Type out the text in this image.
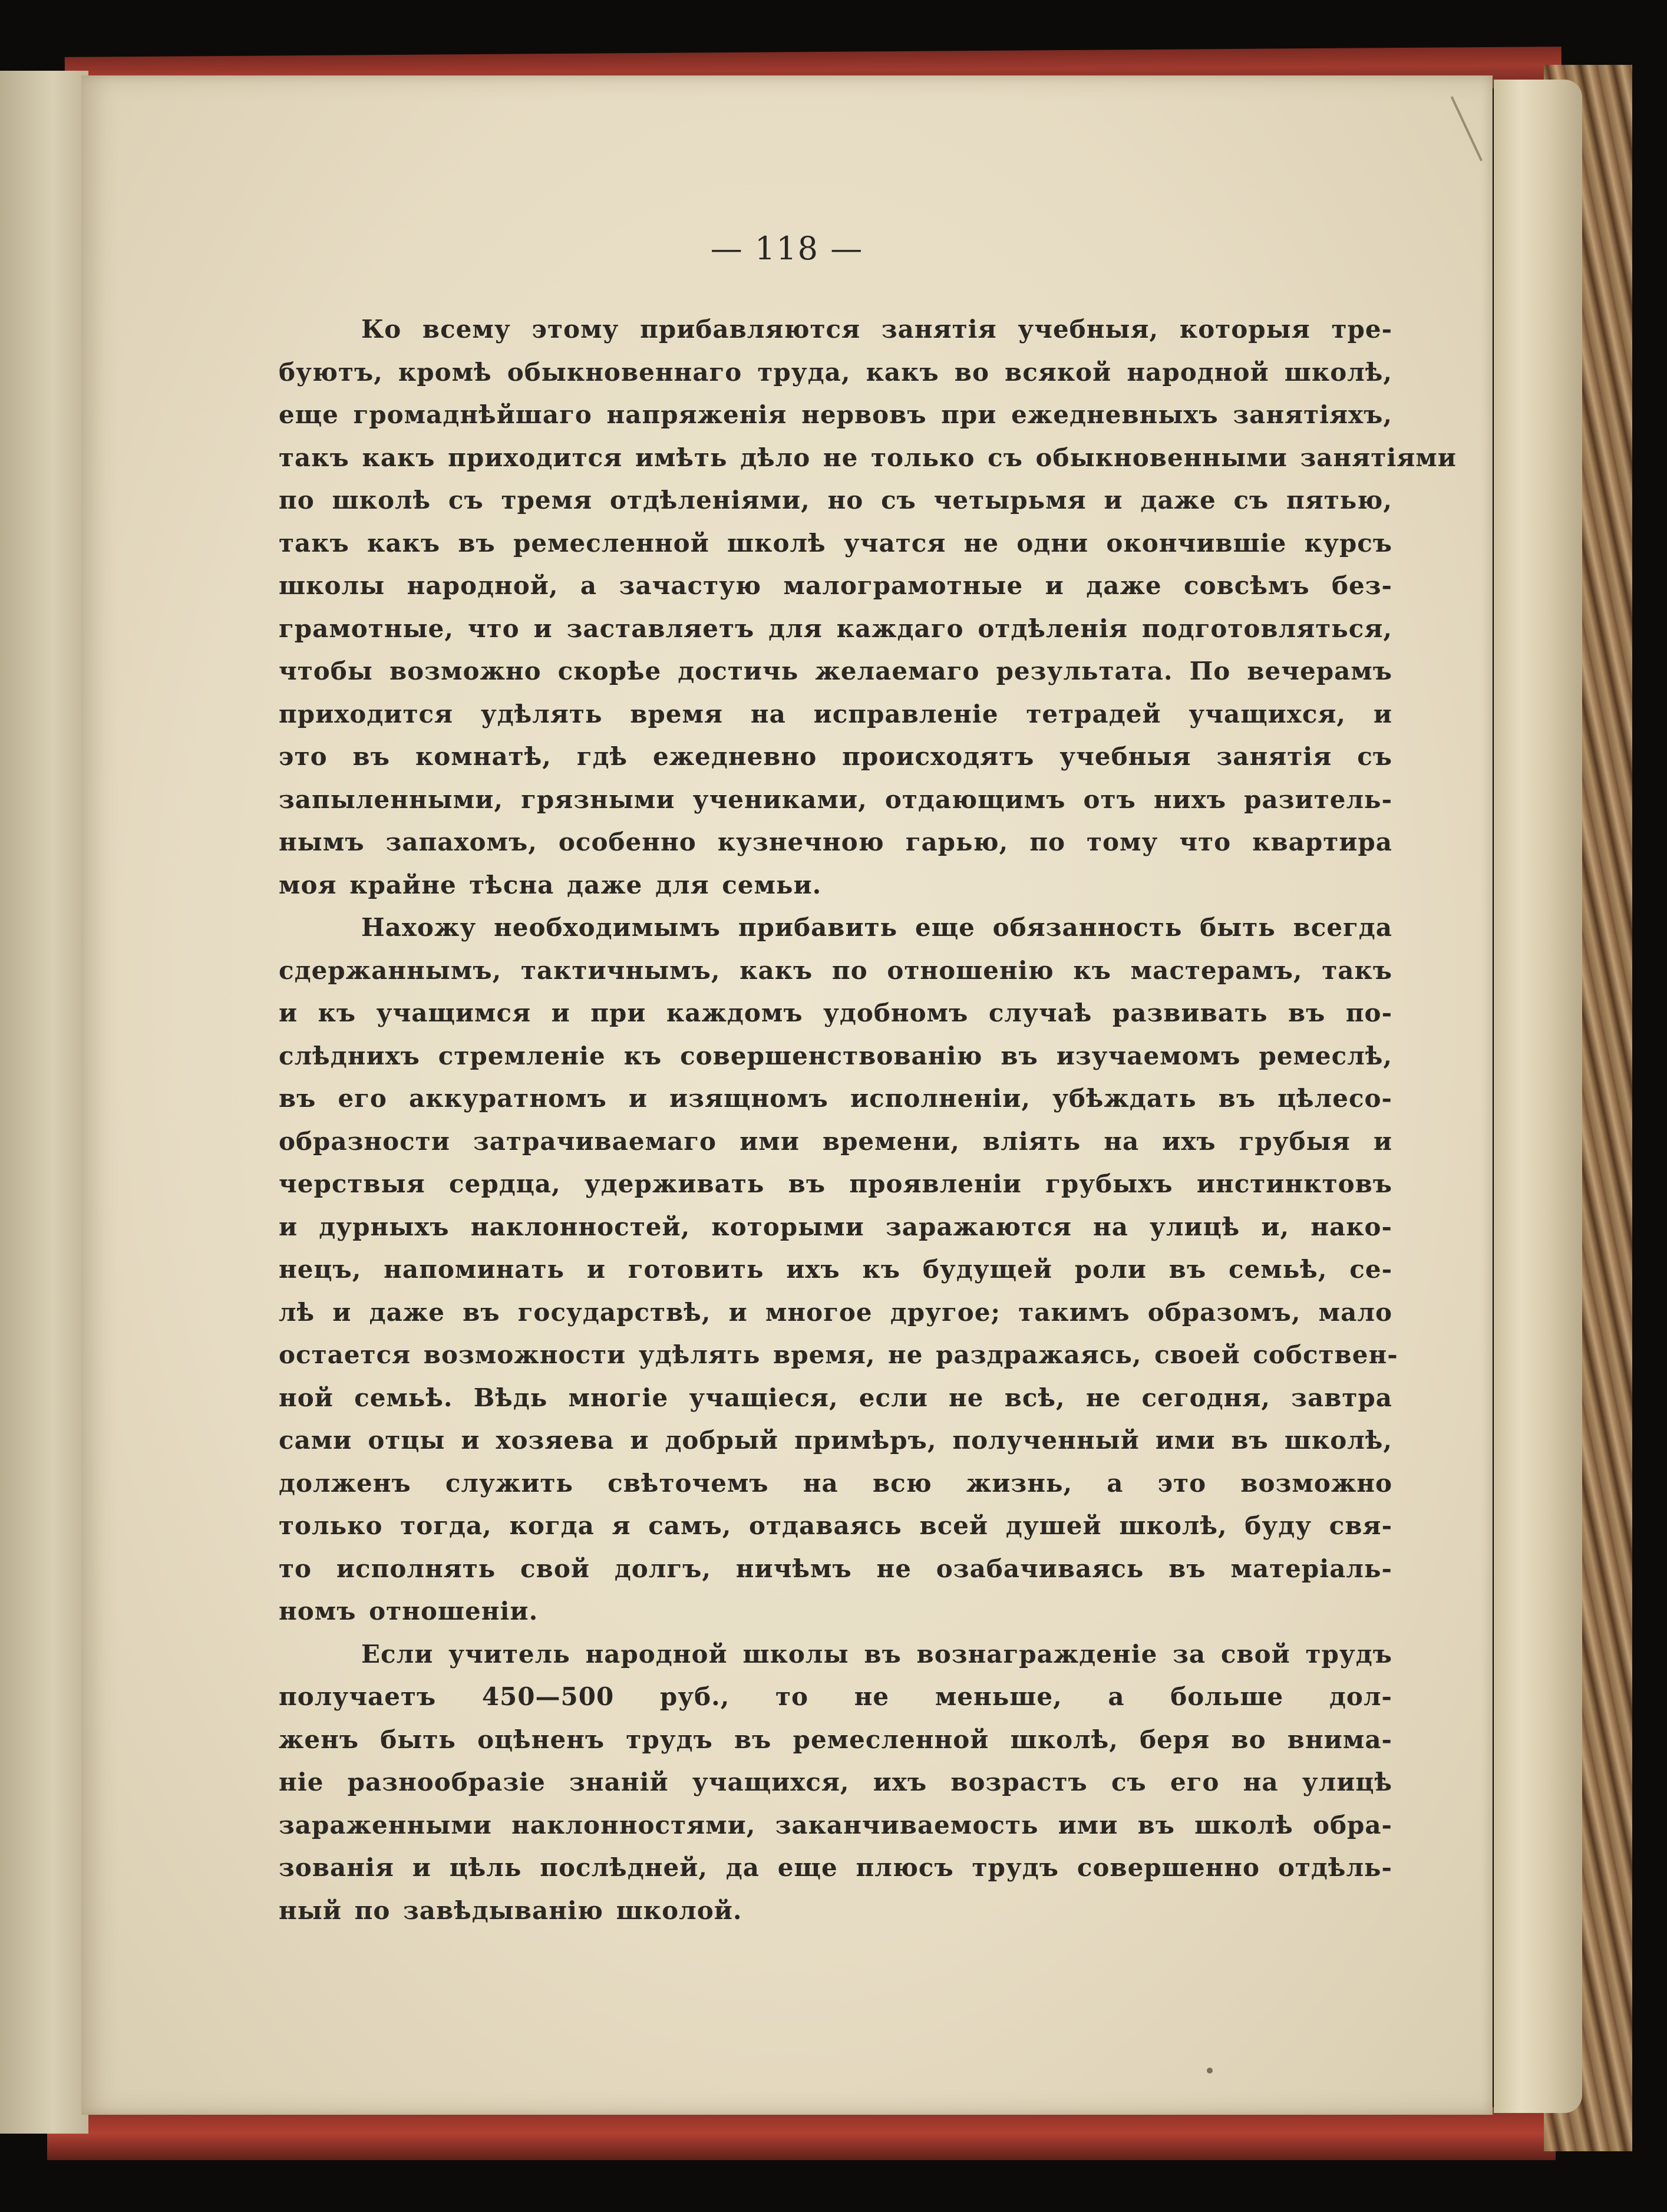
— 118 —
Ко всему этому прибавляются занятія учебныя, которыя тре-
буютъ, кромѣ обыкновеннаго труда, какъ во всякой народной школѣ,
еще громаднѣйшаго напряженія нервовъ при ежедневныхъ занятіяхъ,
такъ какъ приходится имѣть дѣло не только съ обыкновенными занятіями
по школѣ съ тремя отдѣленіями, но съ четырьмя и даже съ пятью,
такъ какъ въ ремесленной школѣ учатся не одни окончившіе курсъ
школы народной, а зачастую малограмотные и даже совсѣмъ без-
грамотные, что и заставляетъ для каждаго отдѣленія подготовляться,
чтобы возможно скорѣе достичь желаемаго результата. По вечерамъ
приходится удѣлять время на исправленіе тетрадей учащихся, и
это въ комнатѣ, гдѣ ежедневно происходятъ учебныя занятія съ
запыленными, грязными учениками, отдающимъ отъ нихъ разитель-
нымъ запахомъ, особенно кузнечною гарью, по тому что квартира
моя крайне тѣсна даже для семьи.
Нахожу необходимымъ прибавить еще обязанность быть всегда
сдержаннымъ, тактичнымъ, какъ по отношенію къ мастерамъ, такъ
и къ учащимся и при каждомъ удобномъ случаѣ развивать въ по-
слѣднихъ стремленіе къ совершенствованію въ изучаемомъ ремеслѣ,
въ его аккуратномъ и изящномъ исполненіи, убѣждать въ цѣлесо-
образности затрачиваемаго ими времени, вліять на ихъ грубыя и
черствыя сердца, удерживать въ проявленіи грубыхъ инстинктовъ
и дурныхъ наклонностей, которыми заражаются на улицѣ и, нако-
нецъ, напоминать и готовить ихъ къ будущей роли въ семьѣ, се-
лѣ и даже въ государствѣ, и многое другое; такимъ образомъ, мало
остается возможности удѣлять время, не раздражаясь, своей собствен-
ной семьѣ. Вѣдь многіе учащіеся, если не всѣ, не сегодня, завтра
сами отцы и хозяева и добрый примѣръ, полученный ими въ школѣ,
долженъ служить свѣточемъ на всю жизнь, а это возможно
только тогда, когда я самъ, отдаваясь всей душей школѣ, буду свя-
то исполнять свой долгъ, ничѣмъ не озабачиваясь въ матеріаль-
номъ отношеніи.
Если учитель народной школы въ вознагражденіе за свой трудъ
получаетъ 450—500 руб., то не меньше, а больше дол-
женъ быть оцѣненъ трудъ въ ремесленной школѣ, беря во внима-
ніе разнообразіе знаній учащихся, ихъ возрастъ съ его на улицѣ
зараженными наклонностями, заканчиваемость ими въ школѣ обра-
зованія и цѣль послѣдней, да еще плюсъ трудъ совершенно отдѣль-
ный по завѣдыванію школой.
